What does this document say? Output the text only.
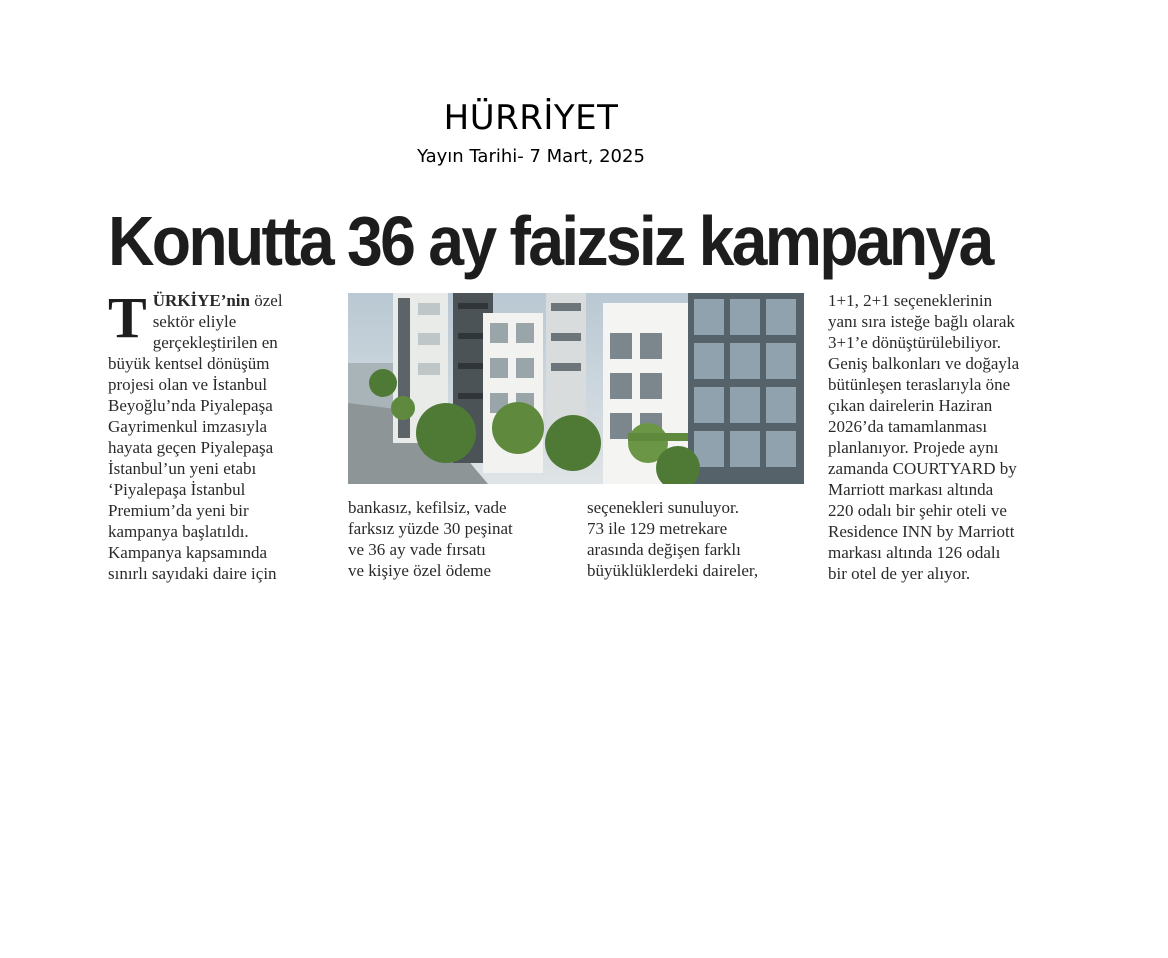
HÜRRİYET
Yayın Tarihi- 7 Mart, 2025
Konutta 36 ay faizsiz kampanya
T ÜRKİYE’nin özel
sektör eliyle
gerçekleştirilen en
büyük kentsel dönüşüm
projesi olan ve İstanbul
Beyoğlu’nda Piyalepaşa
Gayrimenkul imzasıyla
hayata geçen Piyalepaşa
İstanbul’un yeni etabı
‘Piyalepaşa İstanbul
Premium’da yeni bir
kampanya başlatıldı.
Kampanya kapsamında
sınırlı sayıdaki daire için
bankasız, kefilsiz, vade
farksız yüzde 30 peşinat
ve 36 ay vade fırsatı
ve kişiye özel ödeme
seçenekleri sunuluyor.
73 ile 129 metrekare
arasında değişen farklı
büyüklüklerdeki daireler,
1+1, 2+1 seçeneklerinin
yanı sıra isteğe bağlı olarak
3+1’e dönüştürülebiliyor.
Geniş balkonları ve doğayla
bütünleşen teraslarıyla öne
çıkan dairelerin Haziran
2026’da tamamlanması
planlanıyor. Projede aynı
zamanda COURTYARD by
Marriott markası altında
220 odalı bir şehir oteli ve
Residence INN by Marriott
markası altında 126 odalı
bir otel de yer alıyor.
